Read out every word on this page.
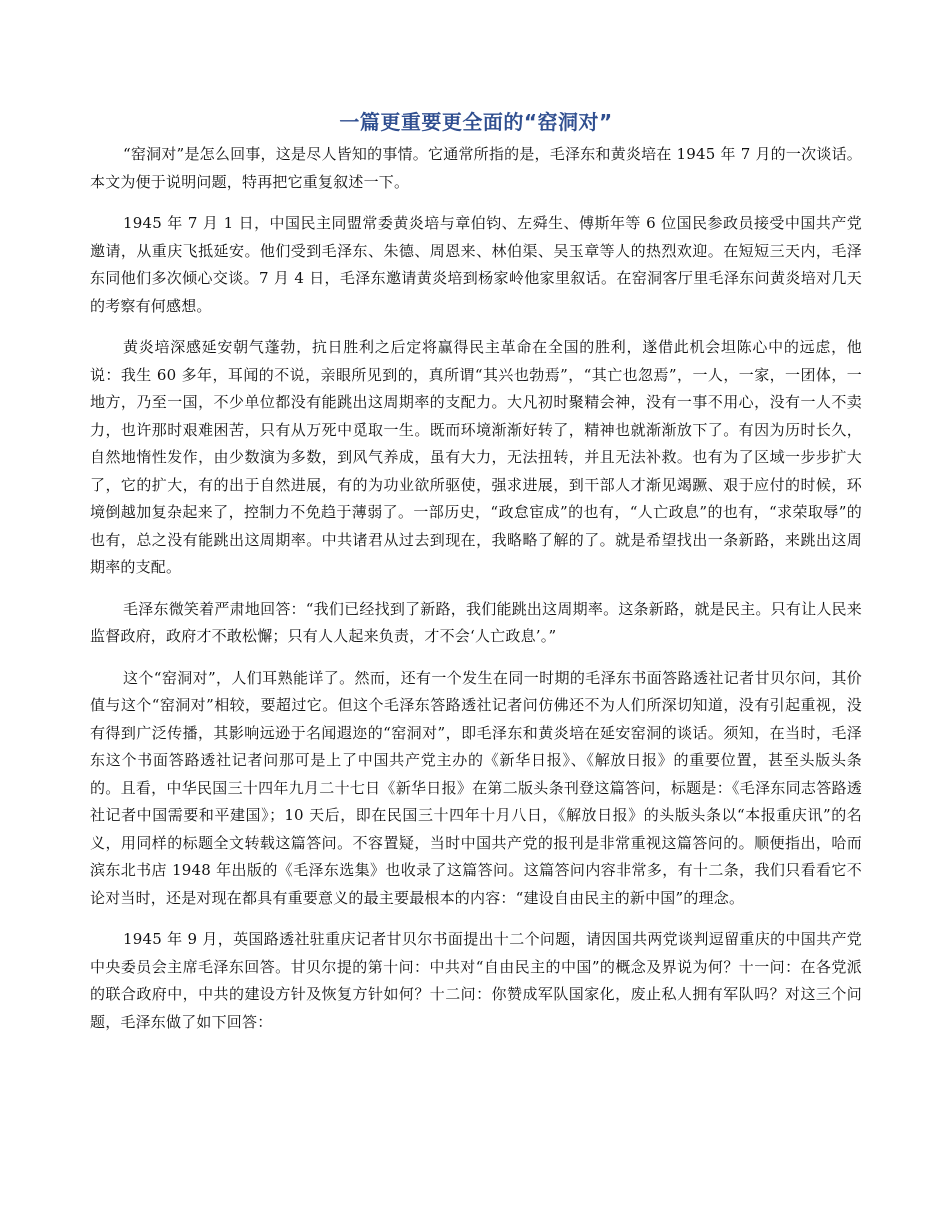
一篇更重要更全面的“窑洞对”

“窑洞对”是怎么回事，这是尽人皆知的事情。它通常所指的是，毛泽东和黄炎培在 1945 年 7 月的一次谈话。本文为便于说明问题，特再把它重复叙述一下。

1945 年 7 月 1 日，中国民主同盟常委黄炎培与章伯钧、左舜生、傅斯年等 6 位国民参政员接受中国共产党邀请，从重庆飞抵延安。他们受到毛泽东、朱德、周恩来、林伯渠、吴玉章等人的热烈欢迎。在短短三天内，毛泽东同他们多次倾心交谈。7 月 4 日，毛泽东邀请黄炎培到杨家岭他家里叙话。在窑洞客厅里毛泽东问黄炎培对几天的考察有何感想。

黄炎培深感延安朝气蓬勃，抗日胜利之后定将赢得民主革命在全国的胜利，遂借此机会坦陈心中的远虑，他说：我生 60 多年，耳闻的不说，亲眼所见到的，真所谓“其兴也勃焉”，“其亡也忽焉”，一人，一家，一团体，一地方，乃至一国，不少单位都没有能跳出这周期率的支配力。大凡初时聚精会神，没有一事不用心，没有一人不卖力，也许那时艰难困苦，只有从万死中觅取一生。既而环境渐渐好转了，精神也就渐渐放下了。有因为历时长久，自然地惰性发作，由少数演为多数，到风气养成，虽有大力，无法扭转，并且无法补救。也有为了区域一步步扩大了，它的扩大，有的出于自然进展，有的为功业欲所驱使，强求进展，到干部人才渐见竭蹶、艰于应付的时候，环境倒越加复杂起来了，控制力不免趋于薄弱了。一部历史，“政怠宦成”的也有，“人亡政息”的也有，“求荣取辱”的也有，总之没有能跳出这周期率。中共诸君从过去到现在，我略略了解的了。就是希望找出一条新路，来跳出这周期率的支配。

毛泽东微笑着严肃地回答：“我们已经找到了新路，我们能跳出这周期率。这条新路，就是民主。只有让人民来监督政府，政府才不敢松懈；只有人人起来负责，才不会‘人亡政息’。”

这个“窑洞对”，人们耳熟能详了。然而，还有一个发生在同一时期的毛泽东书面答路透社记者甘贝尔问，其价值与这个“窑洞对”相较，要超过它。但这个毛泽东答路透社记者问仿佛还不为人们所深切知道，没有引起重视，没有得到广泛传播，其影响远逊于名闻遐迩的“窑洞对”，即毛泽东和黄炎培在延安窑洞的谈话。须知，在当时，毛泽东这个书面答路透社记者问那可是上了中国共产党主办的《新华日报》、《解放日报》的重要位置，甚至头版头条的。且看，中华民国三十四年九月二十七日《新华日报》在第二版头条刊登这篇答问，标题是：《毛泽东同志答路透社记者中国需要和平建国》；10 天后，即在民国三十四年十月八日，《解放日报》的头版头条以“本报重庆讯”的名义，用同样的标题全文转载这篇答问。不容置疑，当时中国共产党的报刊是非常重视这篇答问的。顺便指出，哈而滨东北书店 1948 年出版的《毛泽东选集》也收录了这篇答问。这篇答问内容非常多，有十二条，我们只看看它不论对当时，还是对现在都具有重要意义的最主要最根本的内容：“建设自由民主的新中国”的理念。

1945 年 9 月，英国路透社驻重庆记者甘贝尔书面提出十二个问题，请因国共两党谈判逗留重庆的中国共产党中央委员会主席毛泽东回答。甘贝尔提的第十问：中共对“自由民主的中国”的概念及界说为何？十一问：在各党派的联合政府中，中共的建设方针及恢复方针如何？十二问：你赞成军队国家化，废止私人拥有军队吗？对这三个问题，毛泽东做了如下回答：
